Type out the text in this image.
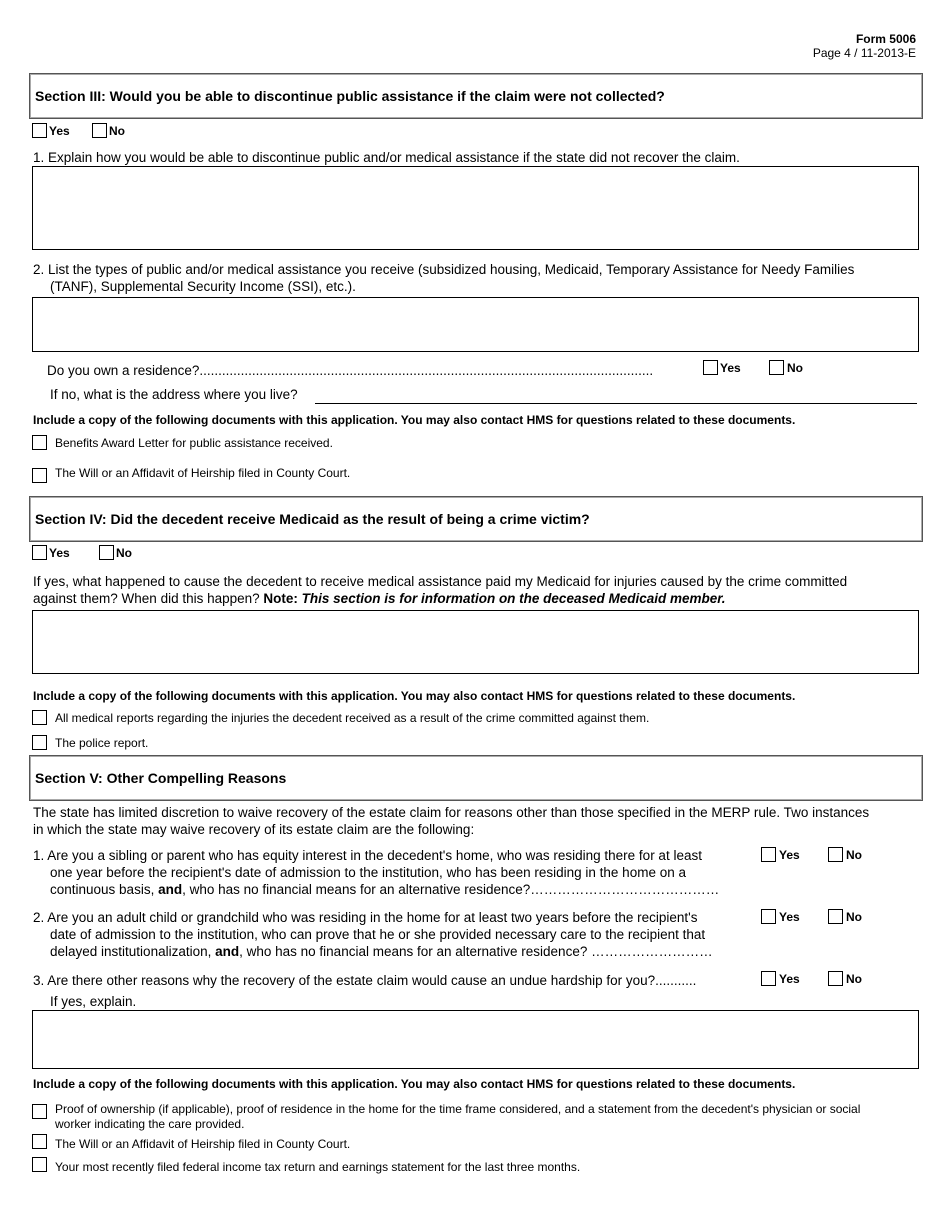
Form 5006
Page 4 / 11-2013-E
Section III: Would you be able to discontinue public assistance if the claim were not collected?
Yes	No
1. Explain how you would be able to discontinue public and/or medical assistance if the state did not recover the claim.
2. List the types of public and/or medical assistance you receive (subsidized housing, Medicaid, Temporary Assistance for Needy Families
(TANF), Supplemental Security Income (SSI), etc.).
Do you own a residence?.........................................................................................................................	Yes	No
If no, what is the address where you live?
Include a copy of the following documents with this application. You may also contact HMS for questions related to these documents.
Benefits Award Letter for public assistance received.
The Will or an Affidavit of Heirship filed in County Court.
Section IV: Did the decedent receive Medicaid as the result of being a crime victim?
Yes	No
If yes, what happened to cause the decedent to receive medical assistance paid my Medicaid for injuries caused by the crime committed
against them? When did this happen? Note: This section is for information on the deceased Medicaid member.
Include a copy of the following documents with this application. You may also contact HMS for questions related to these documents.
All medical reports regarding the injuries the decedent received as a result of the crime committed against them.
The police report.
Section V: Other Compelling Reasons
The state has limited discretion to waive recovery of the estate claim for reasons other than those specified in the MERP rule. Two instances
in which the state may waive recovery of its estate claim are the following:
1. Are you a sibling or parent who has equity interest in the decedent's home, who was residing there for at least
one year before the recipient's date of admission to the institution, who has been residing in the home on a
continuous basis, and, who has no financial means for an alternative residence?……………………………………
Yes	No
2. Are you an adult child or grandchild who was residing in the home for at least two years before the recipient's
date of admission to the institution, who can prove that he or she provided necessary care to the recipient that
delayed institutionalization, and, who has no financial means for an alternative residence? ………………………
Yes	No
3. Are there other reasons why the recovery of the estate claim would cause an undue hardship for you?...........
If yes, explain.
Yes	No
Include a copy of the following documents with this application. You may also contact HMS for questions related to these documents.
Proof of ownership (if applicable), proof of residence in the home for the time frame considered, and a statement from the decedent's physician or social
worker indicating the care provided.
The Will or an Affidavit of Heirship filed in County Court.
Your most recently filed federal income tax return and earnings statement for the last three months.
